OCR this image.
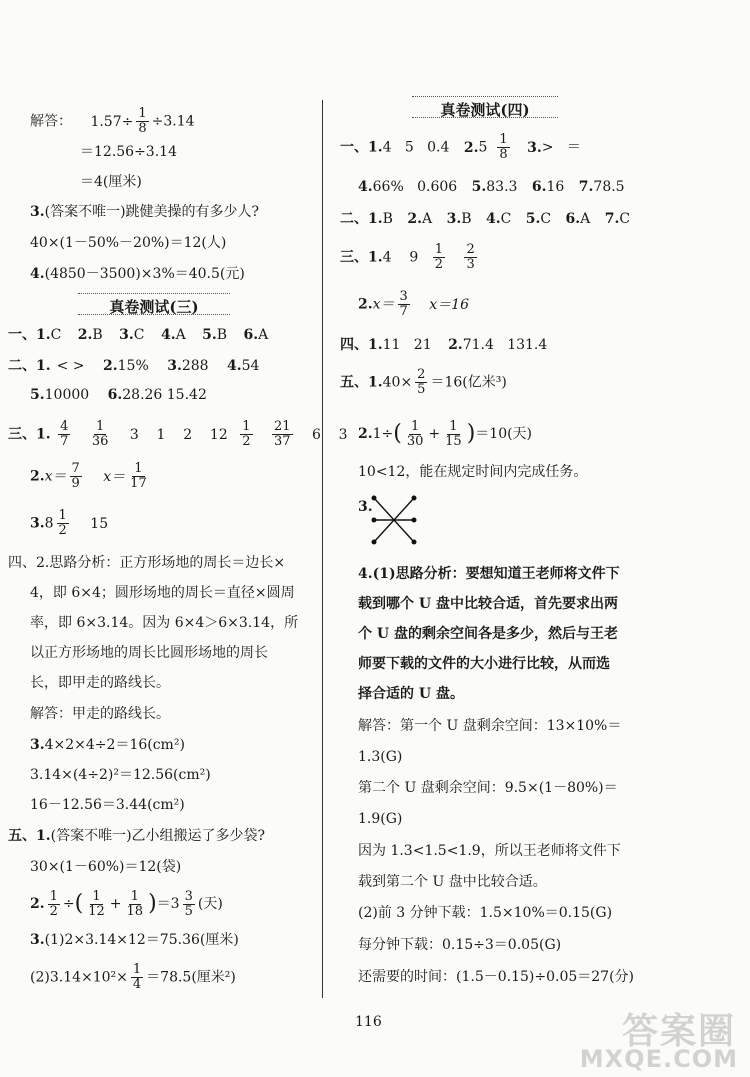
解答： $1.57\div \frac{1}{8} \div 3.14$
＝12.56÷3.14
＝4(厘米)
3.(答案不唯一)跳健美操的有多少人?
40×(1－50%－20%)＝12(人)
4.(4850－3500)×3%＝40.5(元)
真卷测试(三)
一、1.C 2.B 3.C 4.A 5.B 6.A
二、1. < > 2.15% 3.288 4.54
5.10000 6.28.26 15.42
三、1. $\frac{4}{7}$
$\frac{1}{36} 3$    1    2    $12 \frac{1}{2}$
$\frac{21}{37} 6$    3
$2.x= \frac{7}{9} x= \frac{1}{17}$
$3.8 \frac{1}{2} 15$
四、2.思路分析：正方形场地的周长＝边长×
4，即 6×4；圆形场地的周长＝直径×圆周
率，即 6×3.14。因为 6×4＞6×3.14，所
以正方形场地的周长比圆形场地的周长
长，即甲走的路线长。
解答：甲走的路线长。
3.4×2×4÷2＝16(cm²)
3.14×(4÷2)²＝12.56(cm²)
16－12.56＝3.44(cm²)
五、1.(答案不唯一)乙小组搬运了多少袋?
30×(1－60%)＝12(袋)
2. $\frac{1}{2}$ ÷( $\frac{1}{12} + \frac{1}{18} )=3 \frac{3}{5}$ (天)
3.(1)2×3.14×12＝75.36(厘米)
$(2)3.14\times 10^2\times \frac{1}{4} =78.5$(厘米²)
真卷测试(四)
一、1.4   5   0.4 $2.5 \frac{1}{8} 3.>$   ＝
4.66%   0.606 5.83.3 6.16 7.78.5
二、1.B 2.A 3.B 4.C 5.C 6.A 7.C
三、1.4    $9 \frac{1}{2}$
$\frac{2}{3}$
$2.x= \frac{3}{7} x=16$
四、1.11   21 2.71.4   131.4
五、$1.40\times \frac{2}{5} =16$(亿米³)
$2.1\div( \frac{1}{30} + \frac{1}{15} )=10$(天)
10<12，能在规定时间内完成任务。
3.
4.(1)思路分析：要想知道王老师将文件下
载到哪个 U 盘中比较合适，首先要求出两
个 U 盘的剩余空间各是多少，然后与王老
师要下载的文件的大小进行比较，从而选
择合适的 U 盘。
解答：第一个 U 盘剩余空间：13×10%＝
1.3(G)
第二个 U 盘剩余空间：9.5×(1－80%)＝
1.9(G)
因为 1.3<1.5<1.9，所以王老师将文件下
载到第二个 U 盘中比较合适。
(2)前 3 分钟下载：1.5×10%＝0.15(G)
每分钟下载：0.15÷3＝0.05(G)
还需要的时间：(1.5－0.15)÷0.05＝27(分)
116	答案圈
MXQE.COM
